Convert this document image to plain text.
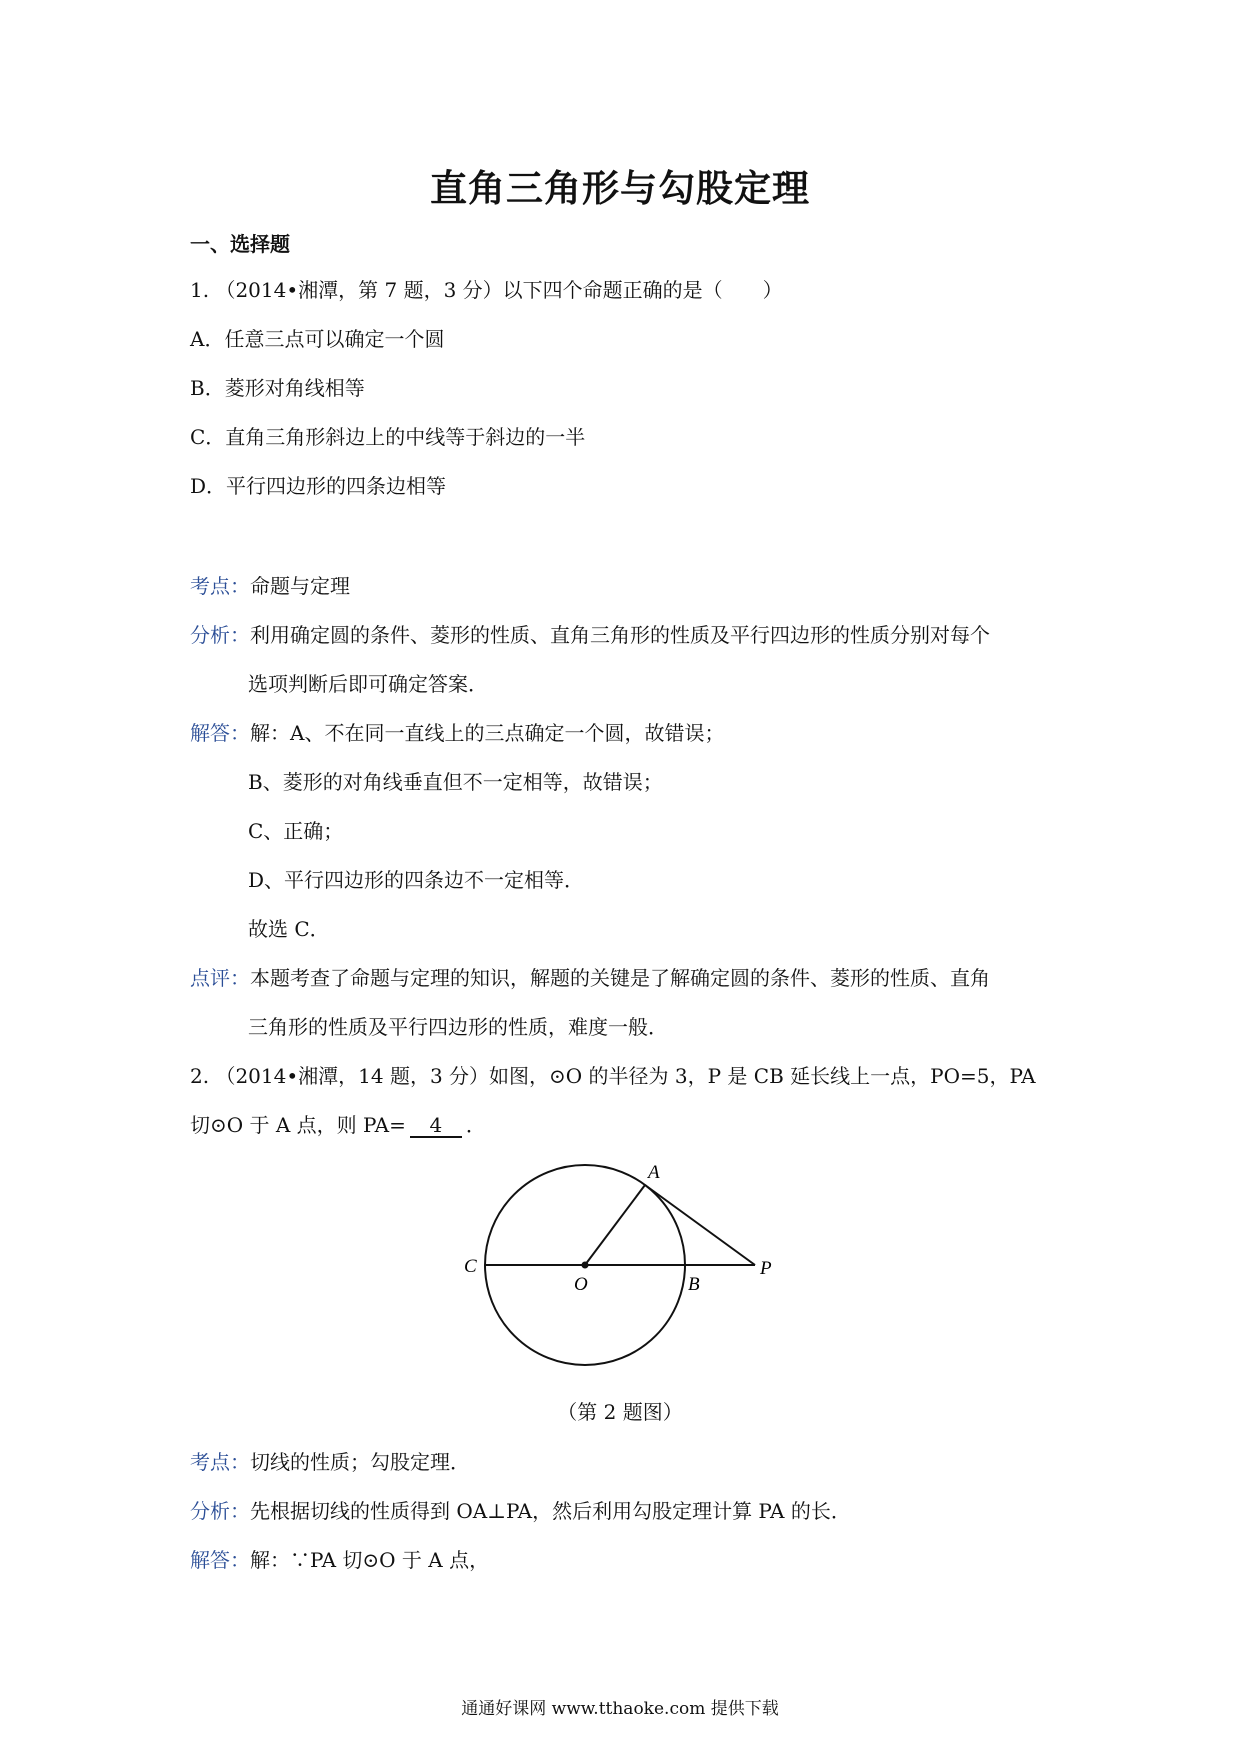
直角三角形与勾股定理
一、选择题
1. （2014•湘潭，第 7 题，3 分）以下四个命题正确的是（　　）
A．任意三点可以确定一个圆
B．菱形对角线相等
C．直角三角形斜边上的中线等于斜边的一半
D．平行四边形的四条边相等
考点：命题与定理
分析：利用确定圆的条件、菱形的性质、直角三角形的性质及平行四边形的性质分别对每个
选项判断后即可确定答案．
解答：解：A、不在同一直线上的三点确定一个圆，故错误；
B、菱形的对角线垂直但不一定相等，故错误；
C、正确；
D、平行四边形的四条边不一定相等．
故选 C．
点评：本题考查了命题与定理的知识，解题的关键是了解确定圆的条件、菱形的性质、直角
三角形的性质及平行四边形的性质，难度一般．
2. （2014•湘潭，14 题，3 分）如图，⊙O 的半径为 3，P 是 CB 延长线上一点，PO=5，PA
切⊙O 于 A 点，则 PA= 4 ．
A
C
O	B
P
（第 2 题图）
考点：切线的性质；勾股定理．
分析：先根据切线的性质得到 OA⊥PA，然后利用勾股定理计算 PA 的长．
解答：解：∵PA 切⊙O 于 A 点，
通通好课网 www.tthaoke.com 提供下载
